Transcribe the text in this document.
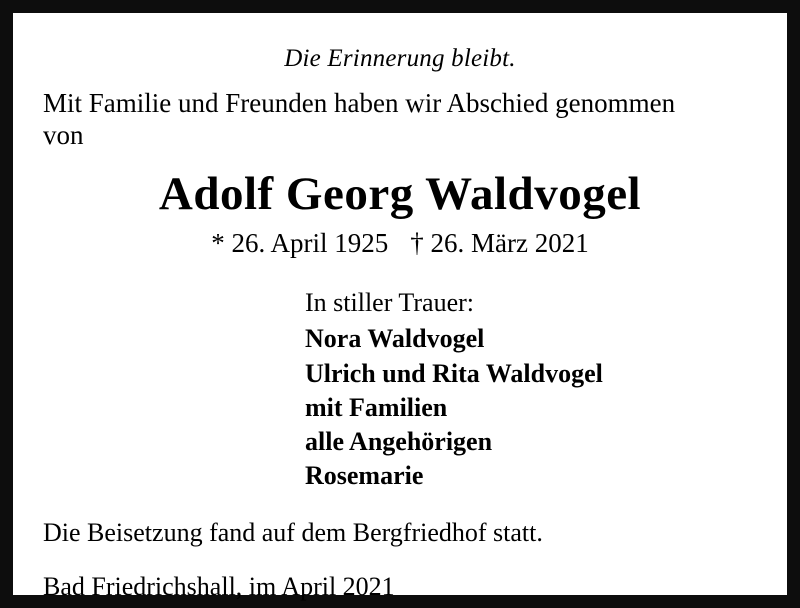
Die Erinnerung bleibt.
Mit Familie und Freunden haben wir Abschied genommen
von
Adolf Georg Waldvogel
* 26. April 1925 † 26. März 2021
In stiller Trauer:
Nora Waldvogel
Ulrich und Rita Waldvogel
mit Familien
alle Angehörigen
Rosemarie

Die Beisetzung fand auf dem Bergfriedhof statt.

Bad Friedrichshall, im April 2021
